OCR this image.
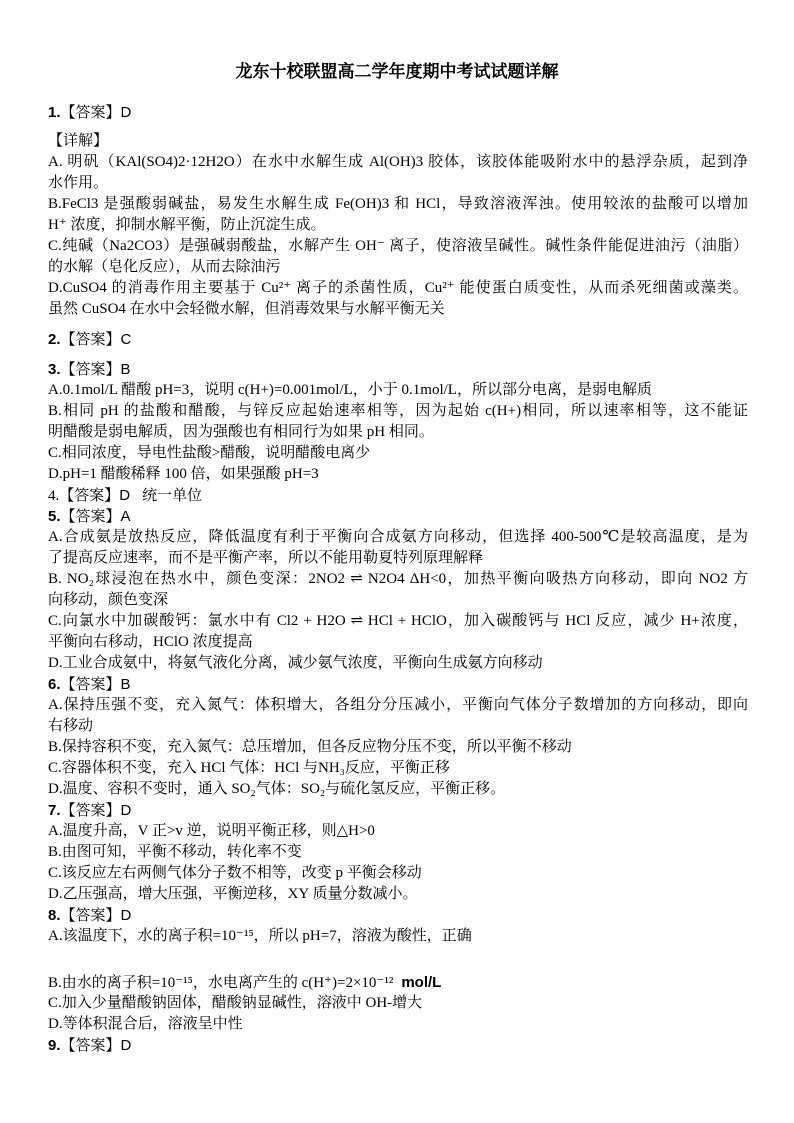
龙东十校联盟高二学年度期中考试试题详解
1.【答案】D
【详解】
A. 明矾（KAl(SO4)2·12H2O）在水中水解生成 Al(OH)3 胶体，该胶体能吸附水中的悬浮杂质，起到净
水作用。
B.FeCl3 是强酸弱碱盐，易发生水解生成 Fe(OH)3 和 HCl，导致溶液浑浊。使用较浓的盐酸可以增加
H⁺ 浓度，抑制水解平衡，防止沉淀生成。
C.纯碱（Na2CO3）是强碱弱酸盐，水解产生 OH⁻ 离子，使溶液呈碱性。碱性条件能促进油污（油脂）
的水解（皂化反应），从而去除油污
D.CuSO4 的消毒作用主要基于 Cu²⁺ 离子的杀菌性质，Cu²⁺ 能使蛋白质变性，从而杀死细菌或藻类。
虽然 CuSO4 在水中会轻微水解，但消毒效果与水解平衡无关
2.【答案】C
3.【答案】B
A.0.1mol/L 醋酸 pH=3，说明 c(H+)=0.001mol/L，小于 0.1mol/L，所以部分电离，是弱电解质
B.相同 pH 的盐酸和醋酸，与锌反应起始速率相等，因为起始 c(H+)相同，所以速率相等，这不能证
明醋酸是弱电解质，因为强酸也有相同行为如果 pH 相同。
C.相同浓度，导电性盐酸>醋酸，说明醋酸电离少
D.pH=1 醋酸稀释 100 倍，如果强酸 pH=3
4.【答案】D 统一单位
5.【答案】A
A.合成氨是放热反应，降低温度有利于平衡向合成氨方向移动，但选择 400-500℃是较高温度，是为
了提高反应速率，而不是平衡产率，所以不能用勒夏特列原理解释
B. NO₂球浸泡在热水中，颜色变深：2NO2 ⇌ N2O4 ΔH<0，加热平衡向吸热方向移动，即向 NO2 方
向移动，颜色变深
C.向氯水中加碳酸钙：氯水中有 Cl2 + H2O ⇌ HCl + HClO，加入碳酸钙与 HCl 反应，减少 H+浓度，
平衡向右移动，HClO 浓度提高
D.工业合成氨中，将氨气液化分离，减少氨气浓度，平衡向生成氨方向移动
6.【答案】B
A.保持压强不变，充入氮气：体积增大，各组分分压减小，平衡向气体分子数增加的方向移动，即向
右移动
B.保持容积不变，充入氮气：总压增加，但各反应物分压不变，所以平衡不移动
C.容器体积不变，充入 HCl 气体：HCl 与NH₃反应，平衡正移
D.温度、容积不变时，通入 SO₂气体：SO₂与硫化氢反应，平衡正移。
7.【答案】D
A.温度升高，V 正>v 逆，说明平衡正移，则△H>0
B.由图可知，平衡不移动，转化率不变
C.该反应左右两侧气体分子数不相等，改变 p 平衡会移动
D.乙压强高，增大压强，平衡逆移，XY 质量分数减小。
8.【答案】D
A.该温度下，水的离子积=10⁻¹⁵，所以 pH=7，溶液为酸性，正确
B.由水的离子积=10⁻¹⁵，水电离产生的 c(H⁺)=2×10⁻¹² mol/L
C.加入少量醋酸钠固体，醋酸钠显碱性，溶液中 OH-增大
D.等体积混合后，溶液呈中性
9.【答案】D
